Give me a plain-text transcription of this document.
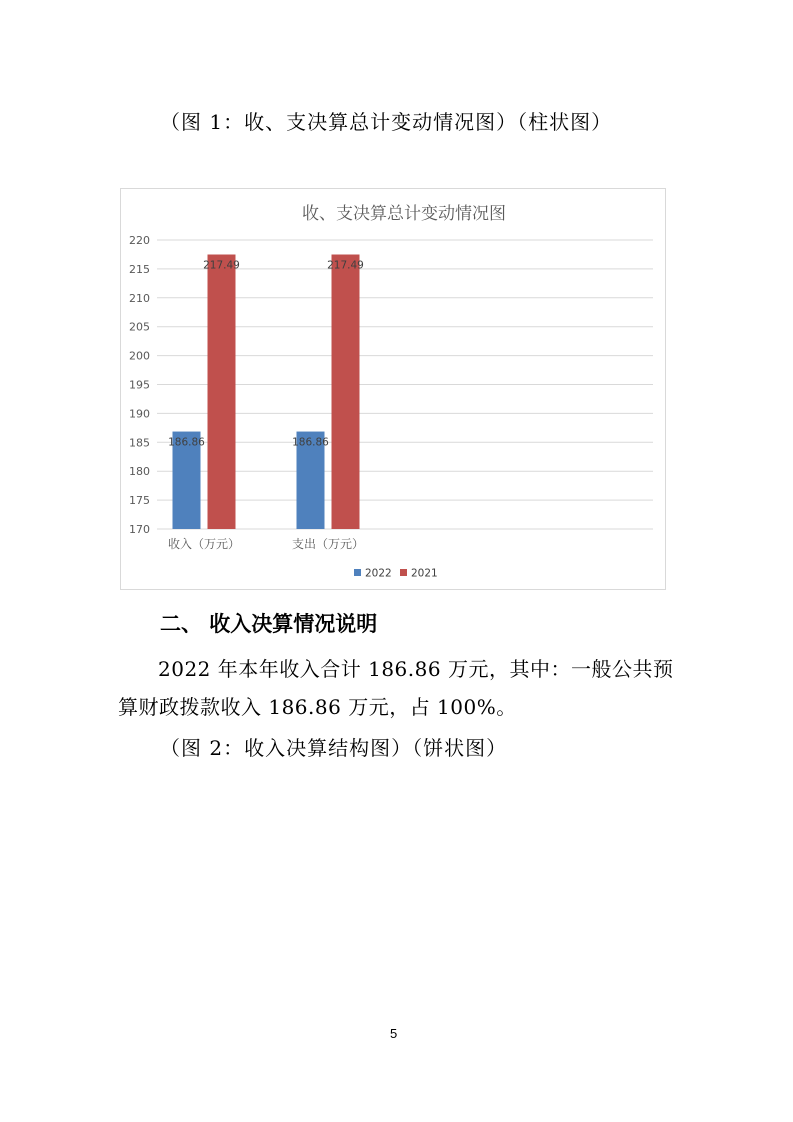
（图 1：收、支决算总计变动情况图）（柱状图）
收、支决算总计变动情况图
170
175
180
185
190
195
200
205
210
215
220
186.86
217.49
186.86
217.49
收入（万元）	支出（万元）
2022 2021
二、 收入决算情况说明
2022 年本年收入合计 186.86 万元，其中：一般公共预算财政拨款收入 186.86 万元，占 100%。
（图 2：收入决算结构图）（饼状图）
5
